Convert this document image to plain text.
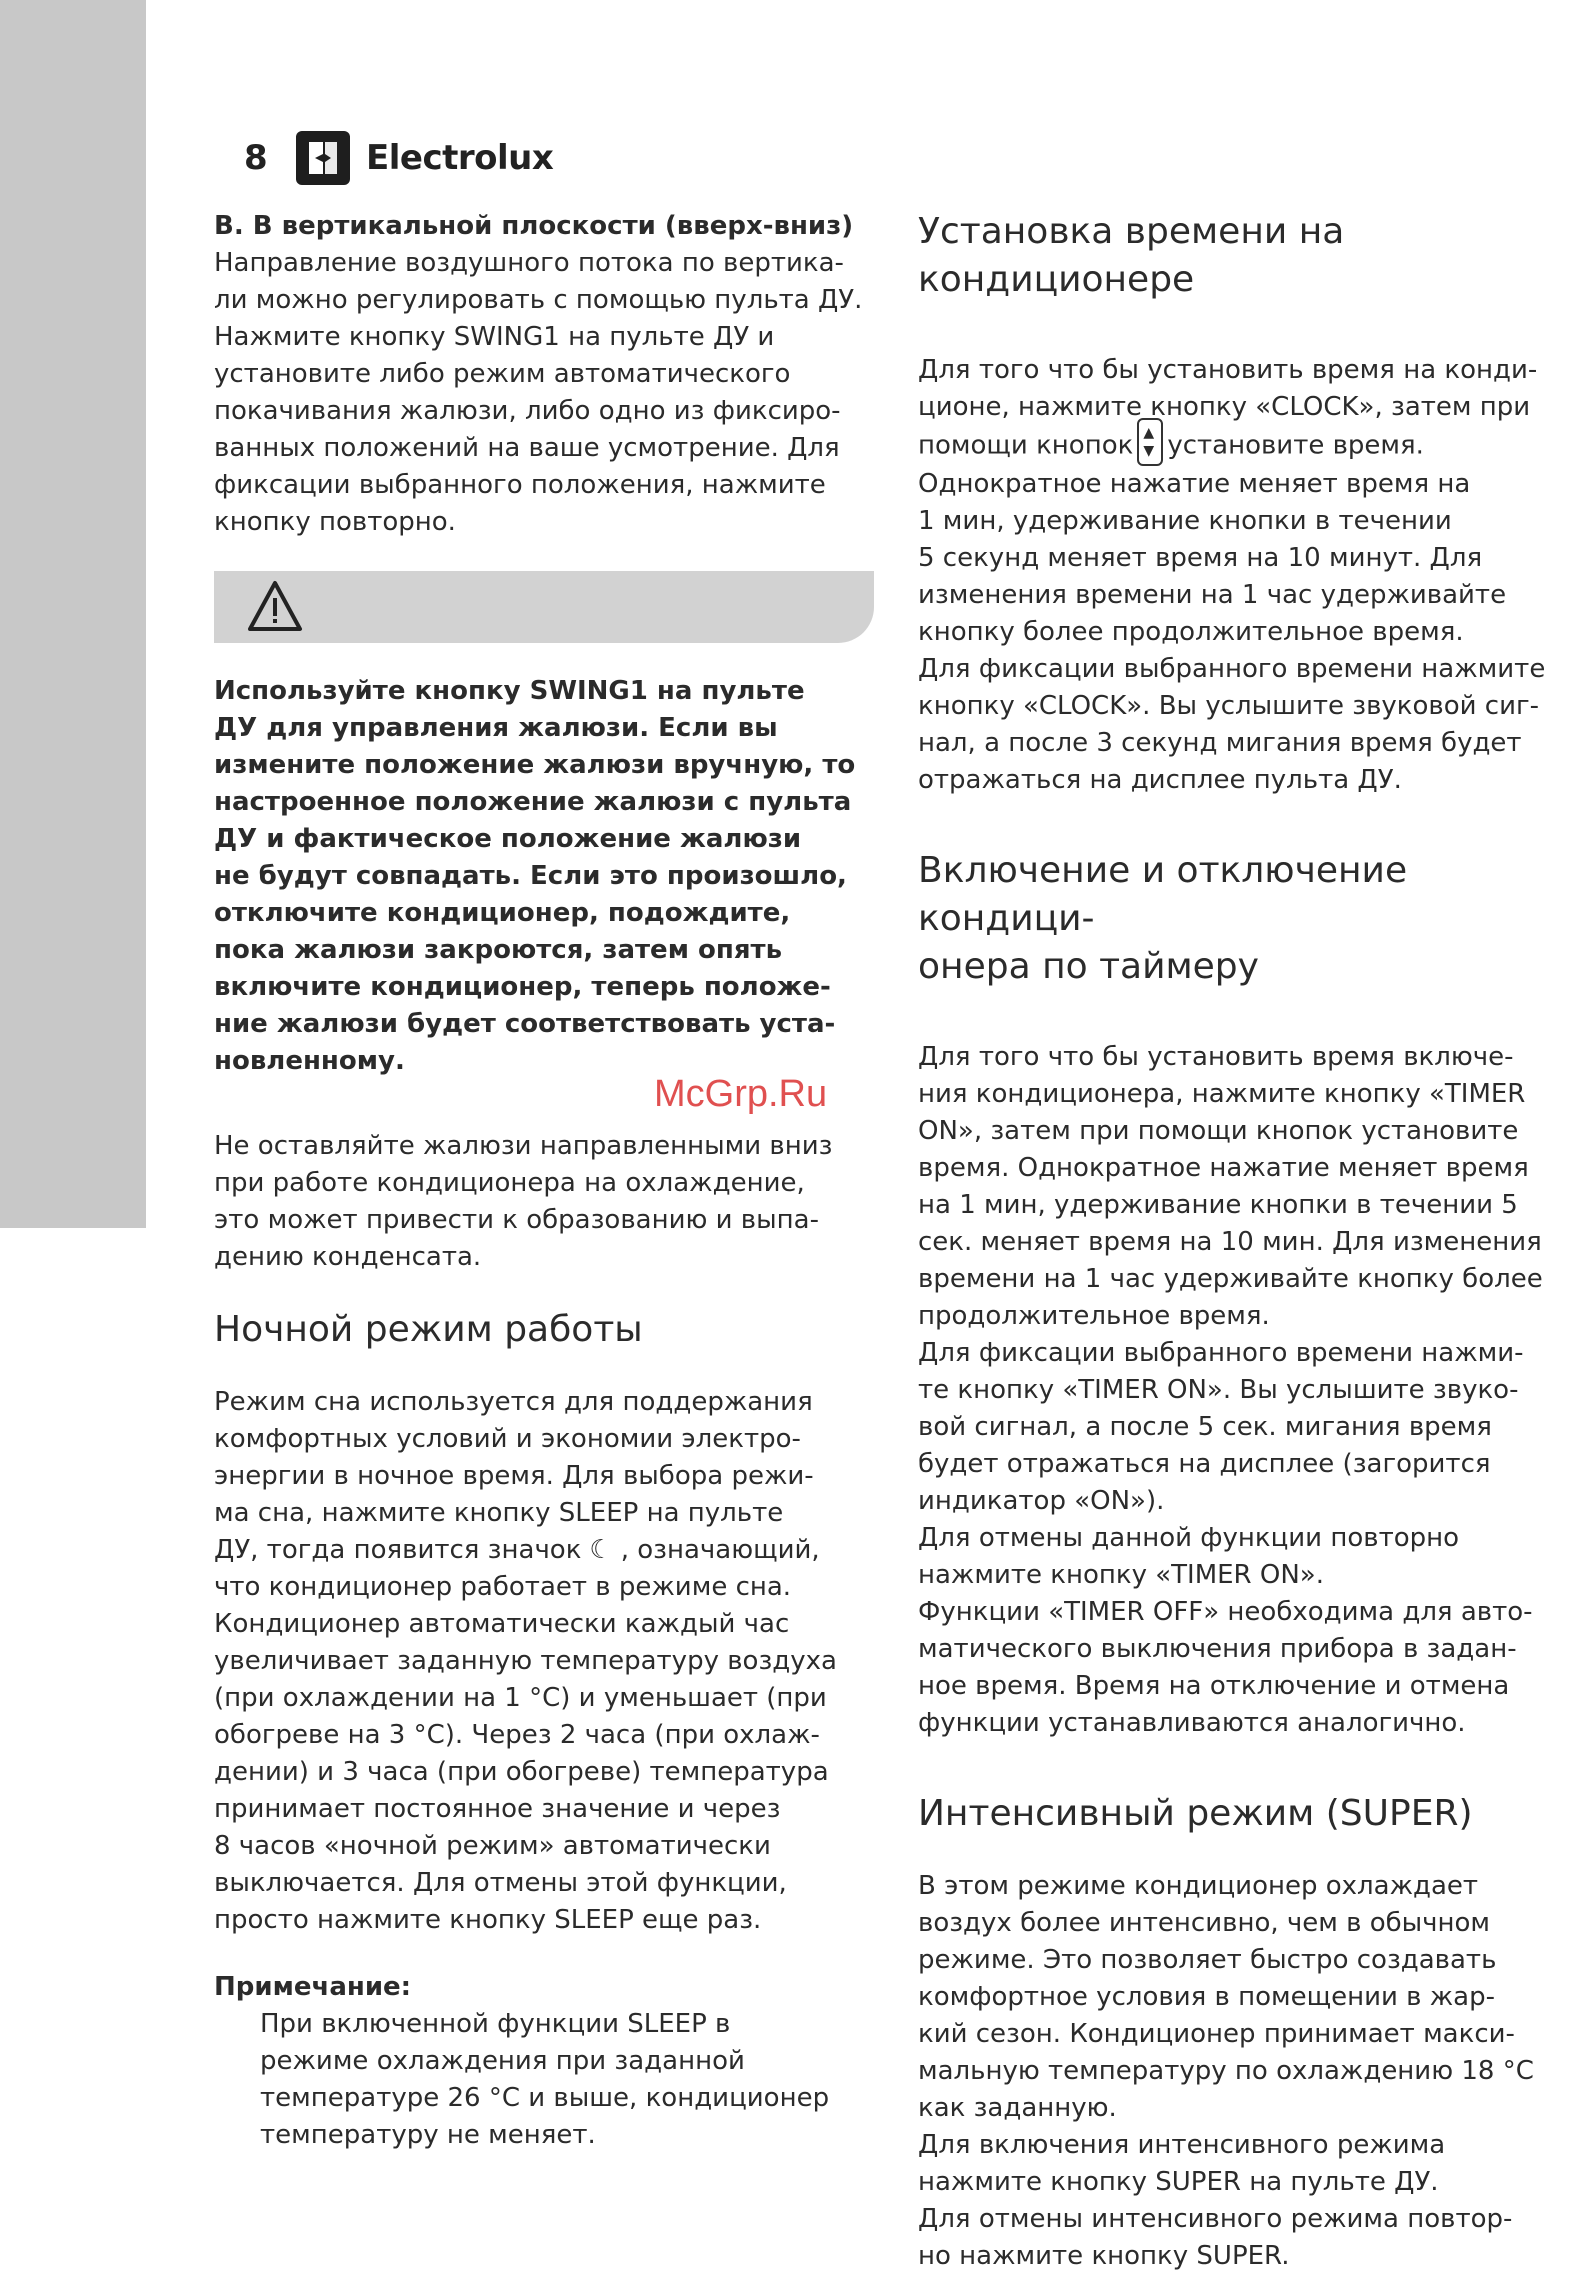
8	Electrolux
B. В вертикальной плоскости (вверх-вниз)

Направление воздушного потока по вертика-
ли можно регулировать с помощью пульта ДУ.
Нажмите кнопку SWING1 на пульте ДУ и
установите либо режим автоматического
покачивания жалюзи, либо одно из фиксиро-
ванных положений на ваше усмотрение. Для
фиксации выбранного положения, нажмите
кнопку повторно.

Используйте кнопку SWING1 на пульте
ДУ для управления жалюзи. Если вы
измените положение жалюзи вручную, то
настроенное положение жалюзи с пульта
ДУ и фактическое положение жалюзи
не будут совпадать. Если это произошло,
отключите кондиционер, подождите,
пока жалюзи закроются, затем опять
включите кондиционер, теперь положе-
ние жалюзи будет соответствовать уста-
новленному.

Не оставляйте жалюзи направленными вниз
при работе кондиционера на охлаждение,
это может привести к образованию и выпа-
дению конденсата.

Ночной режим работы

Режим сна используется для поддержания
комфортных условий и экономии электро-
энергии в ночное время. Для выбора режи-
ма сна, нажмите кнопку SLEEP на пульте
ДУ, тогда появится значок ☾ , означающий,
что кондиционер работает в режиме сна.
Кондиционер автоматически каждый час
увеличивает заданную температуру воздуха
(при охлаждении на 1 °С) и уменьшает (при
обогреве на 3 °С). Через 2 часа (при охлаж-
дении) и 3 часа (при обогреве) температура
принимает постоянное значение и через
8 часов «ночной режим» автоматически
выключается. Для отмены этой функции,
просто нажмите кнопку SLEEP еще раз.

Примечание:

При включенной функции SLEEP в
режиме охлаждения при заданной
температуре 26 °С и выше, кондиционер
температуру не меняет.

McGrp.Ru
Установка времени на
кондиционере

Для того что бы установить время на конди-
ционе, нажмите кнопку «CLOCK», затем при
помощи кнопок ▲
▼ установите время.
Однократное нажатие меняет время на
1 мин, удерживание кнопки в течении
5 секунд меняет время на 10 минут. Для
изменения времени на 1 час удерживайте
кнопку более продолжительное время.
Для фиксации выбранного времени нажмите
кнопку «CLOCK». Вы услышите звуковой сиг-
нал, а после 3 секунд мигания время будет
отражаться на дисплее пульта ДУ.

Включение и отключение кондици-
онера по таймеру

Для того что бы установить время включе-
ния кондиционера, нажмите кнопку «TIMER
ON», затем при помощи кнопок установите
время. Однократное нажатие меняет время
на 1 мин, удерживание кнопки в течении 5
сек. меняет время на 10 мин. Для изменения
времени на 1 час удерживайте кнопку более
продолжительное время.
Для фиксации выбранного времени нажми-
те кнопку «TIMER ON». Вы услышите звуко-
вой сигнал, а после 5 сек. мигания время
будет отражаться на дисплее (загорится
индикатор «ON»).
Для отмены данной функции повторно
нажмите кнопку «TIMER ON».
Функции «TIMER OFF» необходима для авто-
матического выключения прибора в задан-
ное время. Время на отключение и отмена
функции устанавливаются аналогично.

Интенсивный режим (SUPER)

В этом режиме кондиционер охлаждает
воздух более интенсивно, чем в обычном
режиме. Это позволяет быстро создавать
комфортное условия в помещении в жар-
кий сезон. Кондиционер принимает макси-
мальную температуру по охлаждению 18 °С
как заданную.
Для включения интенсивного режима
нажмите кнопку SUPER на пульте ДУ.
Для отмены интенсивного режима повтор-
но нажмите кнопку SUPER.
